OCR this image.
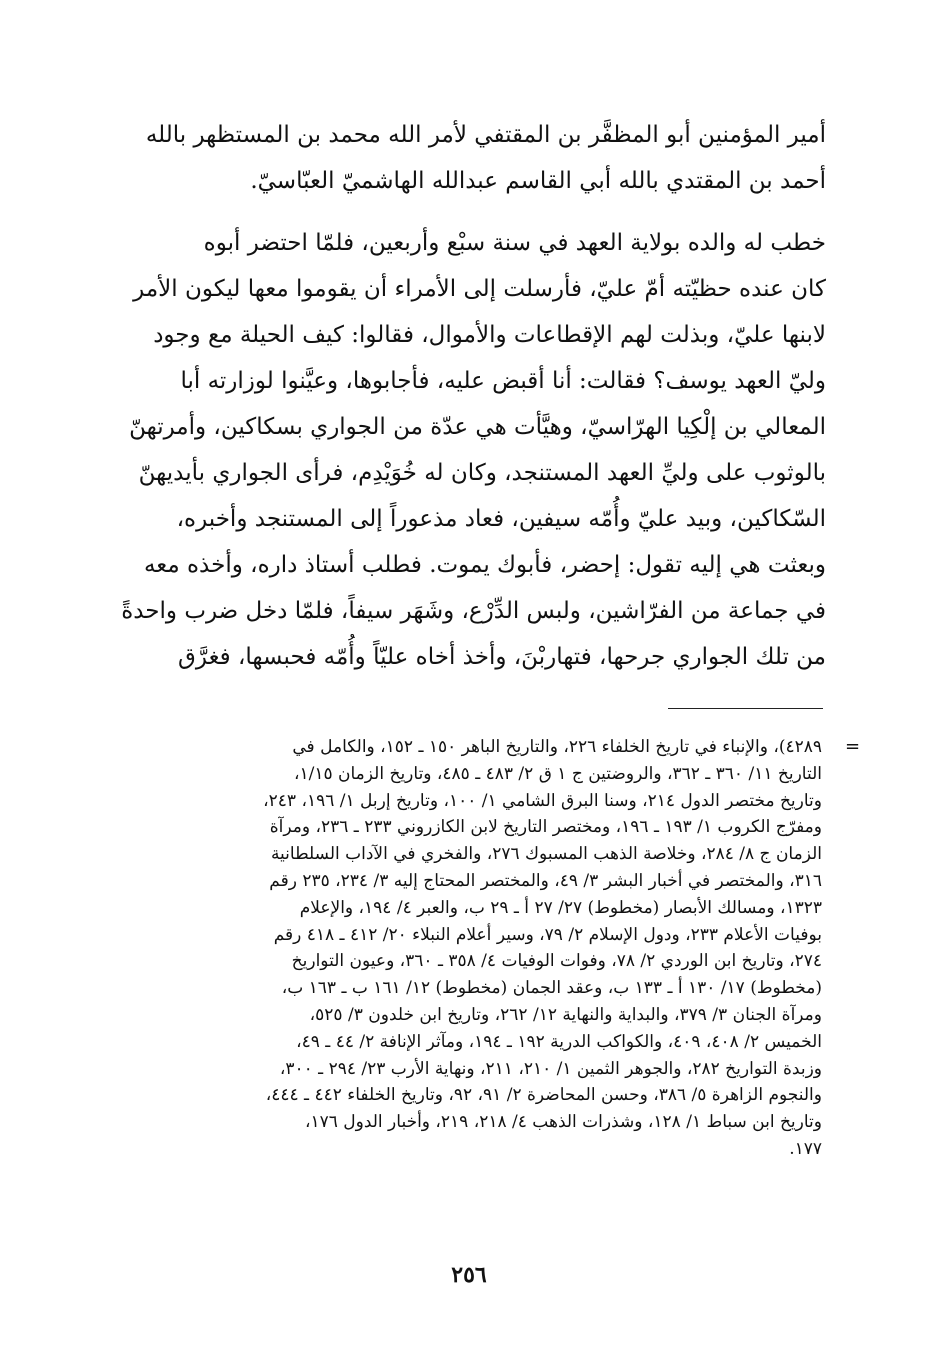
أمير المؤمنين أبو المظفَّر بن المقتفي لأمر الله محمد بن المستظهر بالله
أحمد بن المقتدي بالله أبي القاسم عبدالله الهاشميّ العبّاسيّ.

خطب له والده بولاية العهد في سنة سبْع وأربعين، فلمّا احتضر أبوه
كان عنده حظيّته أمّ عليّ، فأرسلت إلى الأمراء أن يقوموا معها ليكون الأمر
لابنها عليّ، وبذلت لهم الإقطاعات والأموال، فقالوا: كيف الحيلة مع وجود
وليّ العهد يوسف؟ فقالت: أنا أقبض عليه، فأجابوها، وعيَّنوا لوزارته أبا
المعالي بن إلْكِيا الهرّاسيّ، وهيَّأت هي عدّة من الجواري بسكاكين، وأمرتهنّ
بالوثوب على وليِّ العهد المستنجد، وكان له خُوَيْدِم، فرأى الجواري بأيديهنّ
السّكاكين، وبيد عليّ وأُمّه سيفين، فعاد مذعوراً إلى المستنجد وأخبره،
وبعثت هي إليه تقول: إحضر، فأبوك يموت. فطلب أستاذ داره، وأخذه معه
في جماعة من الفرّاشين، ولبس الدِّرْع، وشَهَر سيفاً، فلمّا دخل ضرب واحدةً
من تلك الجواري جرحها، فتهاربْنَ، وأخذ أخاه عليّاً وأُمّه فحبسها، فغرَّق

=
٤٢٨٩)، والإنباء في تاريخ الخلفاء ٢٢٦، والتاريخ الباهر ١٥٠ ـ ١٥٢، والكامل في
التاريخ ١١/ ٣٦٠ ـ ٣٦٢، والروضتين ج ١ ق ٢/ ٤٨٣ ـ ٤٨٥، وتاريخ الزمان ١/١٥،
وتاريخ مختصر الدول ٢١٤، وسنا البرق الشامي ١/ ١٠٠، وتاريخ إربل ١/ ١٩٦، ٢٤٣،
ومفرّج الكروب ١/ ١٩٣ ـ ١٩٦، ومختصر التاريخ لابن الكازروني ٢٣٣ ـ ٢٣٦، ومرآة
الزمان ج ٨/ ٢٨٤، وخلاصة الذهب المسبوك ٢٧٦، والفخري في الآداب السلطانية
٣١٦، والمختصر في أخبار البشر ٣/ ٤٩، والمختصر المحتاج إليه ٣/ ٢٣٤، ٢٣٥ رقم
١٣٢٣، ومسالك الأبصار (مخطوط) ٢٧/ ٢٧ أ ـ ٢٩ ب، والعبر ٤/ ١٩٤، والإعلام
بوفيات الأعلام ٢٣٣، ودول الإسلام ٢/ ٧٩، وسير أعلام النبلاء ٢٠/ ٤١٢ ـ ٤١٨ رقم
٢٧٤، وتاريخ ابن الوردي ٢/ ٧٨، وفوات الوفيات ٤/ ٣٥٨ ـ ٣٦٠، وعيون التواريخ
(مخطوط) ١٧/ ١٣٠ أ ـ ١٣٣ ب، وعقد الجمان (مخطوط) ١٢/ ١٦١ ب ـ ١٦٣ ب،
ومرآة الجنان ٣/ ٣٧٩، والبداية والنهاية ١٢/ ٢٦٢، وتاريخ ابن خلدون ٣/ ٥٢٥،
الخميس ٢/ ٤٠٨، ٤٠٩، والكواكب الدرية ١٩٢ ـ ١٩٤، ومآثر الإنافة ٢/ ٤٤ ـ ٤٩،
وزبدة التواريخ ٢٨٢، والجوهر الثمين ١/ ٢١٠، ٢١١، ونهاية الأرب ٢٣/ ٢٩٤ ـ ٣٠٠،
والنجوم الزاهرة ٥/ ٣٨٦، وحسن المحاضرة ٢/ ٩١، ٩٢، وتاريخ الخلفاء ٤٤٢ ـ ٤٤٤،
وتاريخ ابن سباط ١/ ١٢٨، وشذرات الذهب ٤/ ٢١٨، ٢١٩، وأخبار الدول ١٧٦،
١٧٧.
٢٥٦
